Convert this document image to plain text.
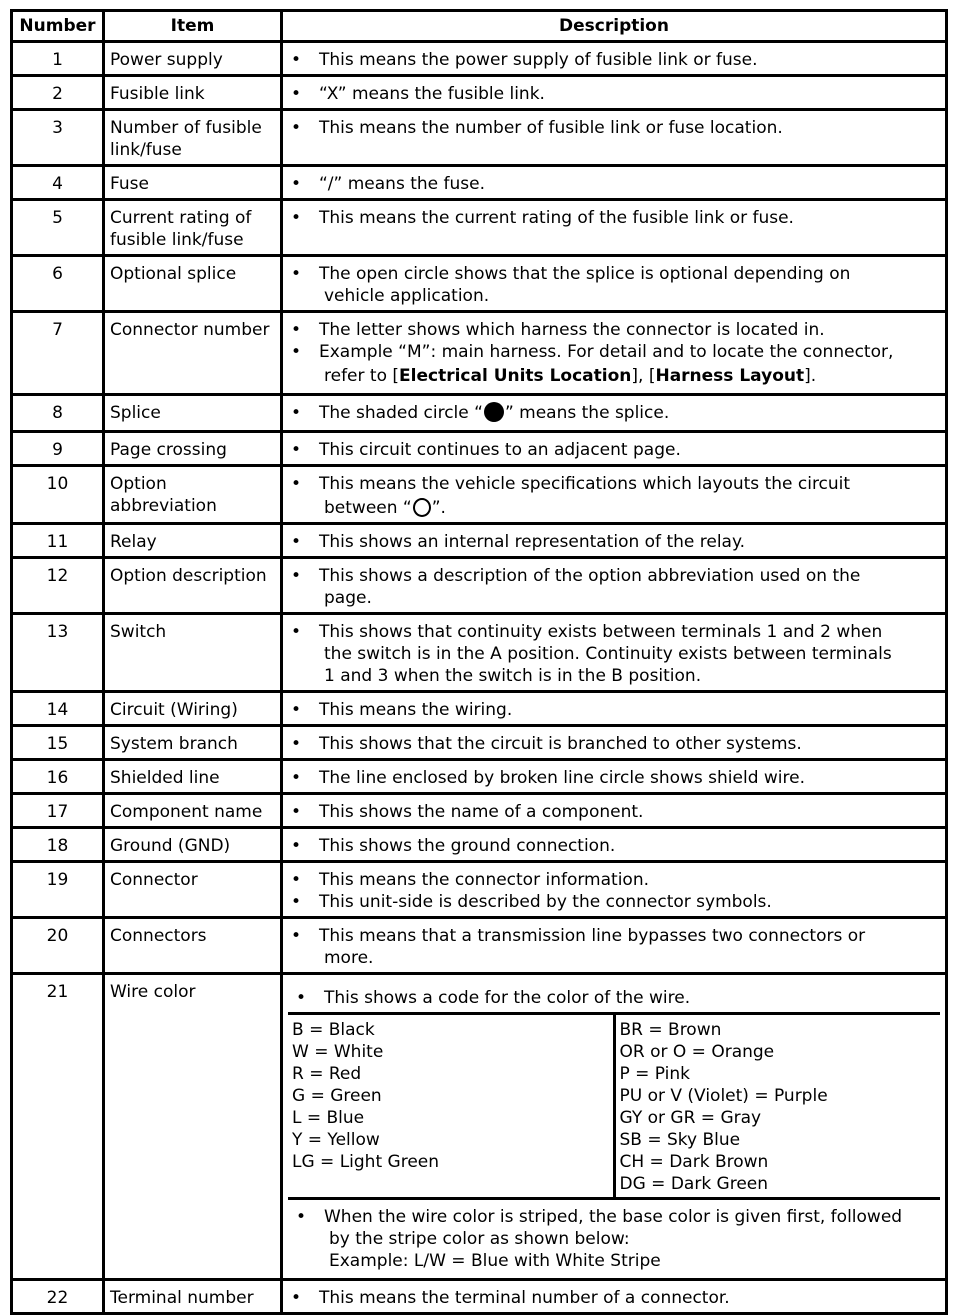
Number	Item	Description
1	Power supply	
•This means the power supply of fusible link or fuse.

2	Fusible link	
•“X” means the fusible link.

3	Number of fusible link/fuse	
• This means the number of fusible link or fuse location.

4	Fuse	
•“/” means the fuse.

5	Current rating of fusible link/fuse	
• This means the current rating of the fusible link or fuse.

6	Optional splice	
•The open circle shows that the splice is optional depending on
vehicle application.

7	Connector number	
•The letter shows which harness the connector is located in.
• Example “M”: main harness. For detail and to locate the connector,
refer to [Electrical Units Location], [Harness Layout].

8	Splice	
•The shaded circle “ ” means the splice.

9	Page crossing	
•This circuit continues to an adjacent page.

10	Option abbreviation	
• This means the vehicle specifications which layouts the circuit
between “ ”.

11	Relay	
•This shows an internal representation of the relay.

12	Option description	
•This shows a description of the option abbreviation used on the
page.

13	Switch	
•This shows that continuity exists between terminals 1 and 2 when
the switch is in the A position. Continuity exists between terminals
1 and 3 when the switch is in the B position.

14	Circuit (Wiring)	
•This means the wiring.

15	System branch	
•This shows that the circuit is branched to other systems.

16	Shielded line	
•The line enclosed by broken line circle shows shield wire.

17	Component name	
•This shows the name of a component.

18	Ground (GND)	
•This shows the ground connection.

19	Connector	
•This means the connector information.
• This unit-side is described by the connector symbols.

20	Connectors	
•This means that a transmission line bypasses two connectors or
more.

21	Wire color	
•	This shows a code for the color of the wire.

B = Black
W = White
R = Red
G = Green
L = Blue
Y = Yellow
LG = Light Green

BR = Brown
OR or O = Orange
P = Pink
PU or V (Violet) = Purple
GY or GR = Gray
SB = Sky Blue
CH = Dark Brown
DG = Dark Green

• When the wire color is striped, the base color is given first, followed
by the stripe color as shown below:
Example: L/W = Blue with White Stripe

22	Terminal number	
•This means the terminal number of a connector.
